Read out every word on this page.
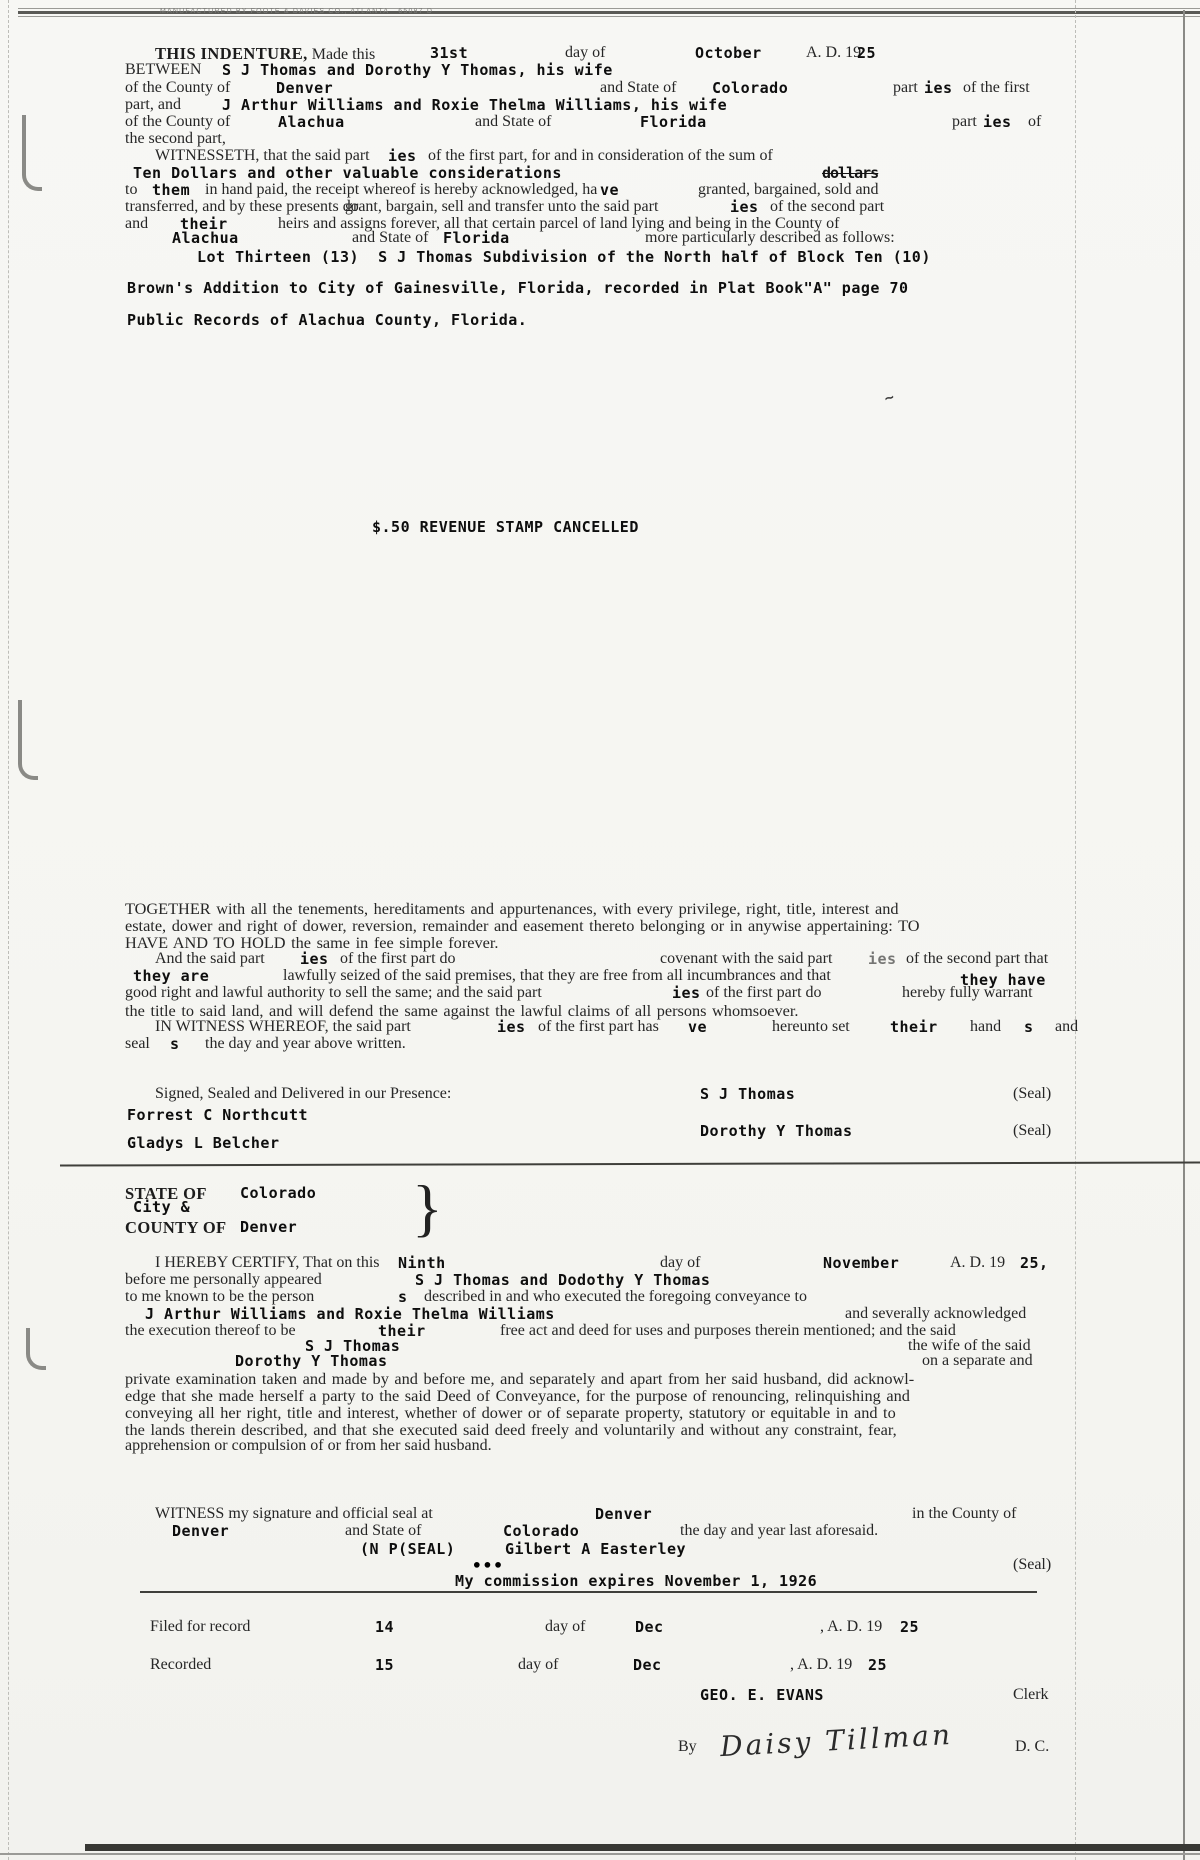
MANUFACTURED BY FOOTE & DAVIES CO., ATLANTA   65087 D
THIS INDENTURE, Made this	31st	day of	October	A. D. 19
25
BETWEEN S J Thomas and Dorothy Y Thomas, his wife
of the County of	Denver	and State of Colorado	part ies of the first
part, and	J Arthur Williams and Roxie Thelma Williams, his wife
of the County of	Alachua	and State of	Florida	part ies of
the second part,
WITNESSETH, that the said part ies of the first part, for and in consideration of the sum of
Ten Dollars and other valuable considerations	dollars
to them in hand paid, the receipt whereof is hereby acknowledged, ha ve	granted, bargained, sold and
transferred, and by these presents do
grant, bargain, sell and transfer unto the said part	ies of the second part
and their	heirs and assigns forever, all that certain parcel of land lying and being in the County of
Alachua	and State of Florida	more particularly described as follows:
Lot Thirteen (13)  S J Thomas Subdivision of the North half of Block Ten (10)
Brown's Addition to City of Gainesville, Florida, recorded in Plat Book"A" page 70
Public Records of Alachua County, Florida.
~
$.50 REVENUE STAMP CANCELLED
TOGETHER with all the tenements, hereditaments and appurtenances, with every privilege, right, title, interest and
estate, dower and right of dower, reversion, remainder and easement thereto belonging or in anywise appertaining: TO
HAVE AND TO HOLD the same in fee simple forever.
And the said part ies of the first part do	covenant with the said part ies of the second part that
they are	lawfully seized of the said premises, that they are free from all incumbrances and that	they have
good right and lawful authority to sell the same; and the said part	ies of the first part do	hereby fully warrant
the title to said land, and will defend the same against the lawful claims of all persons whomsoever.
IN WITNESS WHEREOF, the said part	ies of the first part has ve	hereunto set	their hand s and
seal s the day and year above written.
Signed, Sealed and Delivered in our Presence:	S J Thomas	(Seal)
Forrest C Northcutt
Dorothy Y Thomas	(Seal)
Gladys L Belcher
STATE OF Colorado }
City &
COUNTY OF Denver
I HEREBY CERTIFY, That on this Ninth	day of	November	A. D. 19 25,
before me personally appeared	S J Thomas and Dodothy Y Thomas
to me known to be the person	s described in and who executed the foregoing conveyance to
J Arthur Williams and Roxie Thelma Williams	and severally acknowledged
the execution thereof to be	their	free act and deed for uses and purposes therein mentioned; and the said
S J Thomas	the wife of the said
Dorothy Y Thomas	on a separate and
private examination taken and made by and before me, and separately and apart from her said husband, did acknowl-
edge that she made herself a party to the said Deed of Conveyance, for the purpose of renouncing, relinquishing and
conveying all her right, title and interest, whether of dower or of separate property, statutory or equitable in and to
the lands therein described, and that she executed said deed freely and voluntarily and without any constraint, fear,
apprehension or compulsion of or from her said husband.
WITNESS my signature and official seal at	Denver	in the County of
Denver	and State of	Colorado	the day and year last aforesaid.
(N P(SEAL)	Gilbert A Easterley
(Seal)
•••
My commission expires November 1, 1926
Filed for record	14	day of	Dec	, A. D. 19 25
Recorded	15	day of	Dec	, A. D. 19 25
GEO. E. EVANS	Clerk
By Daisy Tillman	D. C.
